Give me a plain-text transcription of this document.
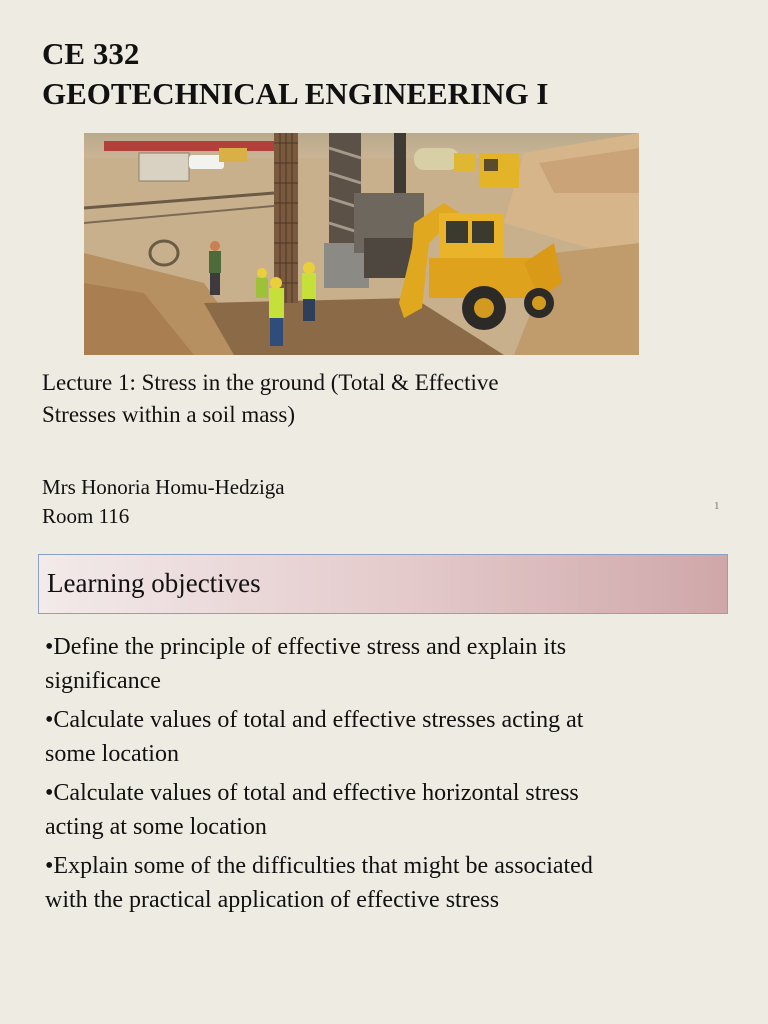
CE 332
GEOTECHNICAL ENGINEERING I
Lecture 1: Stress in the ground (Total & Effective
Stresses within a soil mass)
Mrs Honoria Homu-Hedziga
Room 116	1
Learning objectives
•Define the principle of effective stress and explain its
significance
•Calculate values of total and effective stresses acting at
some location
•Calculate values of total and effective horizontal stress
acting at some location
•Explain some of the difficulties that might be associated
with the practical application of effective stress
